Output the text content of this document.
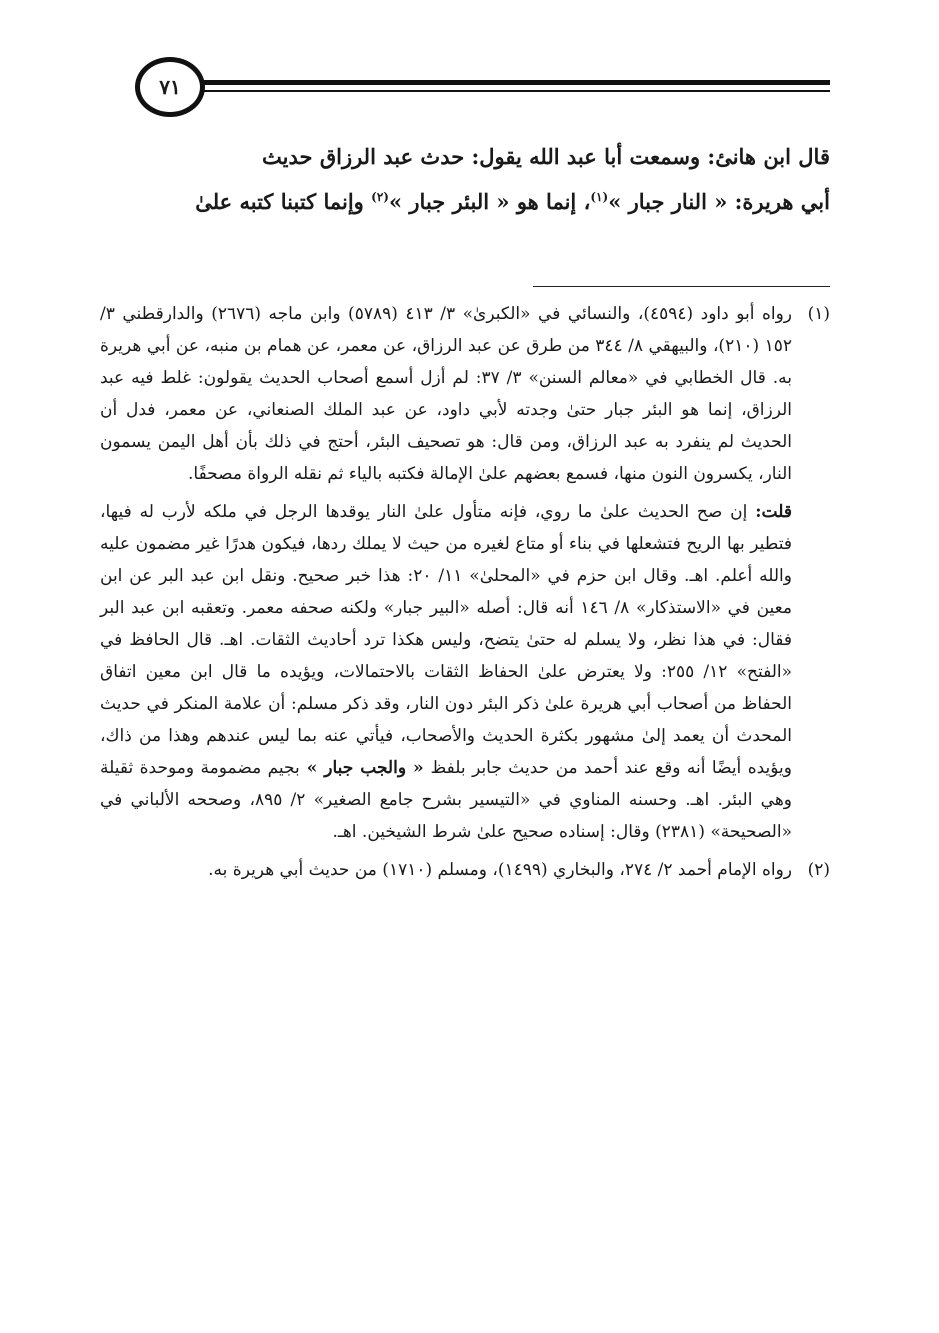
٧١

قال ابن هانئ: وسمعت أبا عبد الله يقول: حدث عبد الرزاق حديث

أبي هريرة: « النار جبار »$^{(١)}$، إنما هو « البئر جبار »$^{(٢)}$ وإنما كتبنا كتبه علىٰ

(١)

رواه أبو داود (٤٥٩٤)، والنسائي في «الكبرىٰ» ٣/ ٤١٣ (٥٧٨٩) وابن ماجه (٢٦٧٦) والدارقطني ٣/ ١٥٢ (٢١٠)، والبيهقي ٨/ ٣٤٤ من طرق عن عبد الرزاق، عن معمر، عن همام بن منبه، عن أبي هريرة به. قال الخطابي في «معالم السنن» ٣/ ٣٧: لم أزل أسمع أصحاب الحديث يقولون: غلط فيه عبد الرزاق، إنما هو البئر جبار حتىٰ وجدته لأبي داود، عن عبد الملك الصنعاني، عن معمر، فدل أن الحديث لم ينفرد به عبد الرزاق، ومن قال: هو تصحيف البئر، أحتج في ذلك بأن أهل اليمن يسمون النار، يكسرون النون منها، فسمع بعضهم علىٰ الإمالة فكتبه بالياء ثم نقله الرواة مصحفًا.

قلت: إن صح الحديث علىٰ ما روي، فإنه متأول علىٰ النار يوقدها الرجل في ملكه لأرب له فيها، فتطير بها الريح فتشعلها في بناء أو متاع لغيره من حيث لا يملك ردها، فيكون هدرًا غير مضمون عليه والله أعلم. اهـ. وقال ابن حزم في «المحلىٰ» ١١/ ٢٠: هذا خبر صحيح. ونقل ابن عبد البر عن ابن معين في «الاستذكار» ٨/ ١٤٦ أنه قال: أصله «البير جبار» ولكنه صحفه معمر. وتعقبه ابن عبد البر فقال: في هذا نظر، ولا يسلم له حتىٰ يتضح، وليس هكذا ترد أحاديث الثقات. اهـ. قال الحافظ في «الفتح» ١٢/ ٢٥٥: ولا يعترض علىٰ الحفاظ الثقات بالاحتمالات، ويؤيده ما قال ابن معين اتفاق الحفاظ من أصحاب أبي هريرة علىٰ ذكر البئر دون النار، وقد ذكر مسلم: أن علامة المنكر في حديث المحدث أن يعمد إلىٰ مشهور بكثرة الحديث والأصحاب، فيأتي عنه بما ليس عندهم وهذا من ذاك، ويؤيده أيضًا أنه وقع عند أحمد من حديث جابر بلفظ « والجب جبار » بجيم مضمومة وموحدة ثقيلة وهي البئر. اهـ. وحسنه المناوي في «التيسير بشرح جامع الصغير» ٢/ ٨٩٥، وصححه الألباني في «الصحيحة» (٢٣٨١) وقال: إسناده صحيح علىٰ شرط الشيخين. اهـ.

(٢)

رواه الإمام أحمد ٢/ ٢٧٤، والبخاري (١٤٩٩)، ومسلم (١٧١٠) من حديث أبي هريرة به.
